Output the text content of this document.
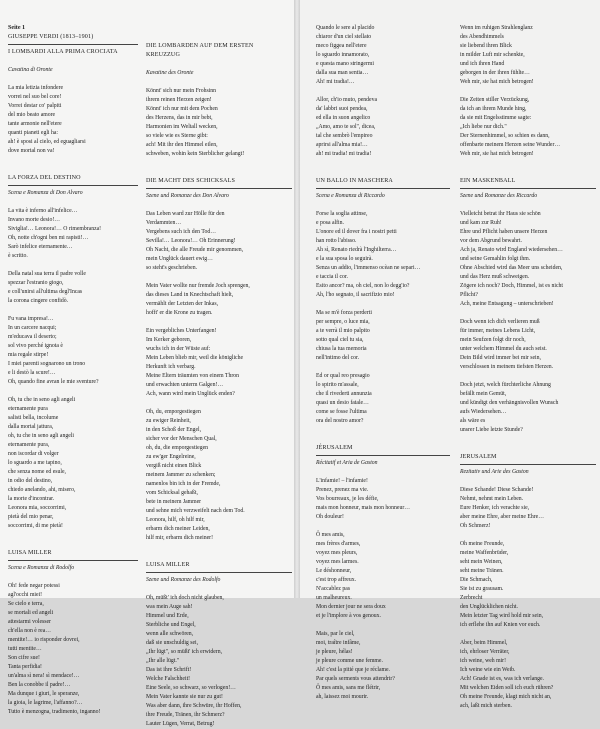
Seite 1
GIUSEPPE VERDI (1813–1901)
I LOMBARDI ALLA PRIMA CROCIATA
Cavatina di Oronte
La mia letizia infondere
vorrei nel suo bel core!
Vorrei destar co' palpiti
del mio beato amore
tante armonie nell'etere
quanti pianeti egli ha:
ah! è sposi al cielo, ed eguagliarsi
dove mortal non va!
LA FORZA DEL DESTINO
Scena e Romanza di Don Alvaro
La vita è inferno all'infelice…
Invano morte desio!…
Siviglia!… Leonora!… O rimembranza!
Oh, notte ch'ogni ben mi rapisti!…
Sarò infelice eternamente…
è scritto.
Della natal sua terra il padre volle
spezzar l'estranio giogo,
e coll'unirsi all'ultima degl'Incas
la corona cingere confidò.
Fu vana impresa!…
In un carcere nacqui;
m'educava il deserto;
sol vivo perché ignota è
mia regale stirpe!
I miei parenti sognarono un trono
e li destò la scure!…
Oh, quando fine avran le mie sventure?
Oh, tu che in seno agli angeli
eternamente pura
salisti bella, incolume
dalla mortal jattura,
oh, tu che in seno agli angeli
eternamente pura,
non iscordar di volger
lo sguardo a me tapino,
che senza nome ed esule,
in odio del destino,
chiedo anelando, ahi, misero,
la morte d'incontrar.
Leonora mia, soccorrimi,
pietà del mio penar,
soccorrimi, di me pietà!
LUISA MILLER
Scena e Romanza di Rodolfo
Oh! fede negar potessi
agl'occhi miei!
Se cielo e terra,
se mortali ed angeli
attestarmi volesser
ch'ella non è rea…
mentite!… io risponder dovrei,
tutti mentite…
Son cifre sue!
Tanta perfidia!
un'alma sì nera! sì mendace!…
Ben la conobbe il padre!…
Ma dunque i giuri, le speranze,
la gioia, le lagrime, l'affanno?…
Tutto è menzogna, tradimento, inganno!
DIE LOMBARDEN AUF DEM ERSTEN
KREUZZUG
Kavatine des Oronte
Könnt' sich nur mein Frohsinn
ihrem reinen Herzen zeigen!
Könnt' ich nur mit dem Pochen
des Herzens, das in mir bebt,
Harmonien im Weltall wecken,
so viele wie es Sterne gibt:
ach! Mit ihr den Himmel eilen,
schweben, wohin kein Sterblicher gelangt!
DIE MACHT DES SCHICKSALS
Szene und Romanze des Don Alvaro
Das Leben ward zur Hölle für den
Verdammten…
Vergebens such ich den Tod…
Sevilla!… Leonora!… Oh Erinnerung!
Oh Nacht, die alle Freude mir genommen,
mein Unglück dauert ewig…
so steht's geschrieben.
Mein Vater wollte nur fremde Joch sprengen,
das dieses Land in Knechtschaft hielt,
vermählt der Letzten der Inkas,
hofft' er die Krone zu tragen.
Ein vergebliches Unterfangen!
Im Kerker geboren,
wuchs ich in der Wüste auf:
Mein Leben blieb mir, weil die königliche
Herkunft ich verbarg.
Meine Eltern träumten von einem Thron
und erwachten unterm Galgen!…
Ach, wann wird mein Unglück enden?
Oh, du, emporgestiegen
zu ewiger Reinheit,
in den Schoß der Engel,
sicher vor der Menschen Qual,
oh, du, die emporgestiegen
zu ew'ger Engelreine,
vergiß nicht einen Blick
meinem Jammer zu schenken;
namenlos bin ich in der Fremde,
vom Schicksal gehaßt,
bete in meinem Jammer
und sehne mich verzweifelt nach dem Tod.
Leonora, hilf, oh hilf mir,
erbarm dich meiner Leiden,
hilf mir, erbarm dich meiner!
LUISA MILLER
Szene und Romanze des Rodolfo
Oh, müßt' ich doch nicht glauben,
was mein Auge sah!
Himmel und Erde,
Sterbliche und Engel,
wenn alle schwören,
daß sie unschuldig sei,
„Ihr lügt", so müßt' ich erwidern,
„Ihr alle lügt."
Das ist ihre Schrift!
Welche Falschheit!
Eine Seele, so schwarz, so verlogen!…
Mein Vater kannte sie nur zu gut!
Was aber dann, ihre Schwüre, ihr Hoffen,
ihre Freude, Tränen, ihr Schmerz?
Lauter Lügen, Verrat, Betrug!
Quando le sere al placido
chiaror d'un ciel stellato
meco figgea nell'etere
lo sguardo innamorato,
e questa mano stringermi
dalla sua man sentia…
Ah! mi tradia!…
Allor, ch'io muto, pendeva
da' labbri suoi pendea,
ed ella in suon angelico
„Amo, amo te sol", dicea,
tal che sembrò l'empireo
aprirsi all'alma mia!…
ah! mi tradia! mi tradia!
UN BALLO IN MASCHERA
Scena e Romanza di Riccardo
Forse la soglia attinse,
e posa alfin.
L'onore ed il dover fra i nostri petti
han rotto l'abisso.
Ah sì, Renato riedrà l'Inghilterra…
e la sua sposa lo seguirà.
Senza un addio, l'immenso ocèan ne separi…
e taccia il cor.
Esito ancor? ma, oh ciel, non lo degg'io?
Ah, l'ho segnato, il sacrifizio mio!
Ma se m'è forza perderti
per sempre, o luce mia,
a te verrà il mio palpito
sotto qual ciel tu sia,
chiusa la tua memoria
nell'intimo del cor.
Ed or qual reo presagio
lo spirito m'assale,
che il rivederti annunzia
quasi un desio fatale…
come se fosse l'ultima
ora del nostro amor?
JÉRUSALEM
Récitatif et Aria de Gaston
L'infamie! – l'infamie!
Prenez, prenez ma vie.
Vos bourreaux, je les défie,
mais mon honneur, mais mon honneur…
Oh douleur!
Ô mes amis,
mes frères d'armes,
voyez mes pleurs,
voyez mes larmes.
Le déshonneur,
c'est trop affreux.
N'accablez pas
un malheureux.
Mon dernier jour ne sera doux
et je l'implore à vos genoux.
Mais, par le ciel,
moi, traître infâme,
je pleure, hélas!
je pleure comme une femme.
Ah! c'est la pitié que je réclame.
Par quels serments vous attendrir?
Ô mes amis, sans me flétrir,
ah, laissez moi mourir.
Wenn im ruhigen Strahlenglanz
des Abendhimmels
sie liebend ihren Blick
in milder Luft mir schenkte,
und ich ihren Hand
geborgen in der ihren fühlte…
Weh mir, sie hat mich betrogen!
Die Zeiten stiller Verzückung,
da ich an ihrem Munde hing,
da sie mit Engelsstimme sagte:
„Ich liebe nur dich."
Der Sternenhimmel, so schien es dann,
offenbarte meinem Herzen seine Wunder…
Weh mir, sie hat mich betrogen!
EIN MASKENBALL
Szene und Romanze des Riccardo
Vielleicht betrat ihr Haus sie schön
und kam zur Ruh!
Ehre und Pflicht haben unsere Herzen
vor dem Abgrund bewahrt.
Ach ja, Renato wird England wiedersehen…
und seine Gemahlin folgt ihm.
Ohne Abschied wird das Meer uns scheiden,
und das Herz muß schweigen.
Zögere ich noch? Doch, Himmel, ist es nicht
Pflicht?
Ach, meine Entsagung – unterschrieben!
Doch wenn ich dich verlieren muß
für immer, meines Lebens Licht,
mein Seufzen folgt dir noch,
unter welchem Himmel du auch seist.
Dein Bild wird immer bei mir sein,
verschlossen in meinem tiefsten Herzen.
Doch jetzt, welch fürchterliche Ahnung
befällt mein Gemüt,
und kündigt den verhängnisvollen Wunsch
aufs Wiedersehen…
als wäre es
unsrer Liebe letzte Stunde?
JERUSALEM
Rezitativ und Arie des Gaston
Diese Schande! Diese Schande!
Nehmt, nehmt mein Leben.
Eure Henker, ich verachte sie,
aber meine Ehre, aber meine Ehre…
Oh Schmerz!
Oh meine Freunde,
meine Waffenbrüder,
seht mein Weinen,
seht meine Tränen.
Die Schmach,
Sie ist zu grausam.
Zerbrecht
den Unglücklichen nicht.
Mein letzter Tag wird hold mir sein,
ich erflehe ihn auf Knien vor euch.
Aber, beim Himmel,
ich, ehrloser Verräter,
ich weine, weh mir!
Ich weine wie ein Weib.
Ach! Gnade ist es, was ich verlange.
Mit welchen Eiden soll ich euch rühren?
Oh meine Freunde, klagt mich nicht an,
ach, laßt mich sterben.
